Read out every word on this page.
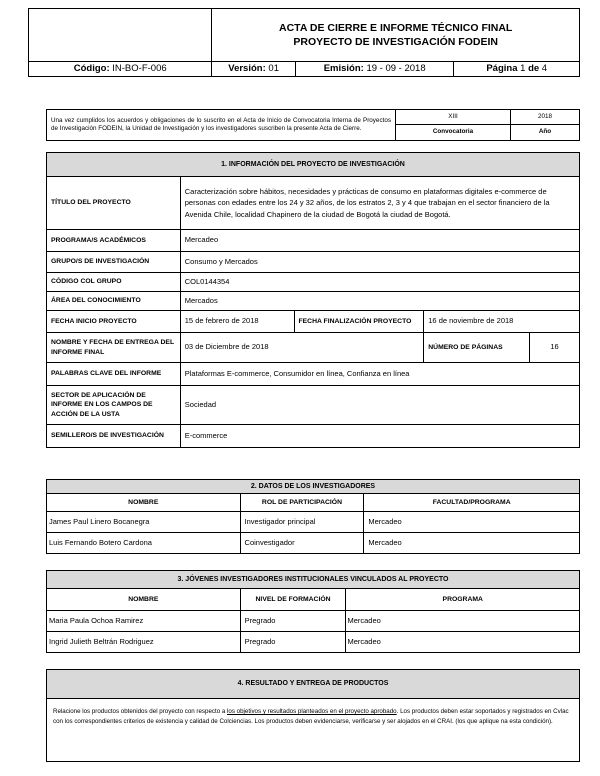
	ACTA DE CIERRE E INFORME TÉCNICO FINAL
PROYECTO DE INVESTIGACIÓN FODEIN		

Código: IN-BO-F-006	Versión: 01	Emisión: 19 - 09 - 2018	Página 1 de 4
Una vez cumplidos los acuerdos y obligaciones de lo suscrito en el Acta de Inicio de Convocatoria Interna de Proyectos de Investigación FODEIN, la Unidad de Investigación y los investigadores suscriben la presente Acta de Cierre.	XIII	2018
	Convocatoria	Año
1. INFORMACIÓN DEL PROYECTO DE INVESTIGACIÓN				
TÍTULO DEL PROYECTO	Caracterización sobre hábitos, necesidades y prácticas de consumo en plataformas digitales e-commerce de personas con edades entre los 24 y 32 años, de los estratos 2, 3 y 4 que trabajan en el sector financiero de la Avenida Chile, localidad Chapinero de la ciudad de Bogotá la ciudad de Bogotá.			
PROGRAMA/S ACADÉMICOS	Mercadeo			
GRUPO/S DE INVESTIGACIÓN	Consumo y Mercados			
CÓDIGO COL GRUPO	COL0144354			
ÁREA DEL CONOCIMIENTO	Mercados			
FECHA INICIO PROYECTO	15 de febrero de 2018	FECHA FINALIZACIÓN PROYECTO	16 de noviembre de 2018	
NOMBRE Y FECHA DE ENTREGA DEL INFORME FINAL	03 de Diciembre de 2018		NÚMERO DE PÁGINAS	16
PALABRAS CLAVE DEL INFORME	Plataformas E-commerce, Consumidor en línea, Confianza en línea			
SECTOR DE APLICACIÓN DE INFORME EN LOS CAMPOS DE ACCIÓN DE LA USTA	Sociedad			
SEMILLERO/S DE INVESTIGACIÓN	E-commerce			
2. DATOS DE LOS INVESTIGADORES		
NOMBRE	ROL DE PARTICIPACIÓN	FACULTAD/PROGRAMA
James Paul Linero Bocanegra	Investigador principal	Mercadeo
Luis Fernando Botero Cardona	Coinvestigador	Mercadeo
3. JÓVENES INVESTIGADORES INSTITUCIONALES VINCULADOS AL PROYECTO		
NOMBRE	NIVEL DE FORMACIÓN	PROGRAMA
Maria Paula Ochoa Ramirez	Pregrado	Mercadeo
Ingrid Julieth Beltrán Rodriguez	Pregrado	Mercadeo
4. RESULTADO Y ENTREGA DE PRODUCTOS
Relacione los productos obtenidos del proyecto con respecto a los objetivos y resultados planteados en el proyecto aprobado. Los productos deben estar soportados y registrados en Cvlac con los correspondientes criterios de existencia y calidad de Colciencias. Los productos deben evidenciarse, verificarse y ser alojados en el CRAI. (los que aplique na esta condición).
